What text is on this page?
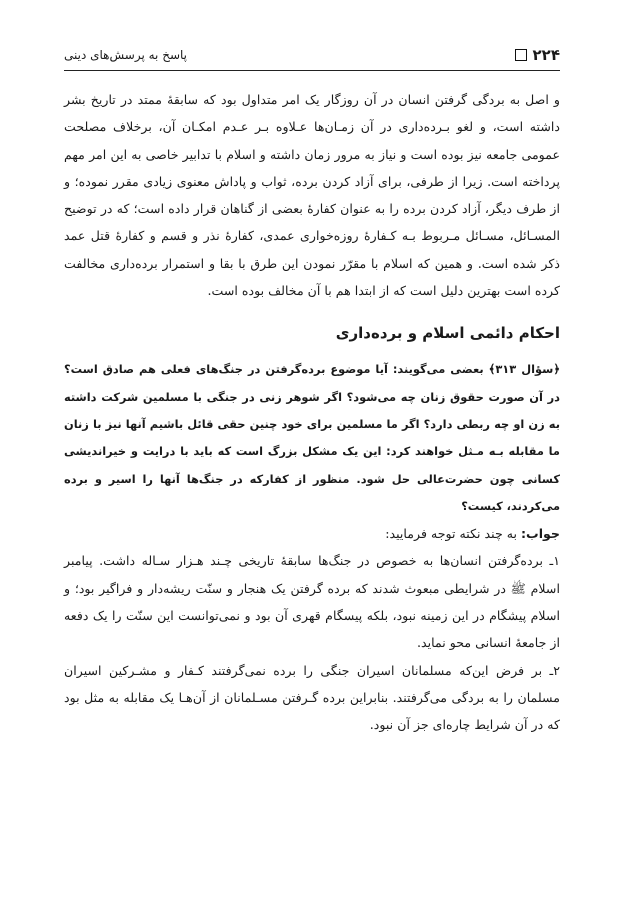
۲۲۴
پاسخ به پرسش‌های دینی

و اصل به بردگی گرفتن انسان در آن روزگار یک امر متداول بود که سابقهٔ ممتد در تاریخ بشر داشته است، و لغو بـرده‌داری در آن زمـان‌ها عـلاوه بـر عـدم امکـان آن، برخلاف مصلحت عمومی جامعه نیز بوده است و نیاز به مرور زمان داشته و اسلام با تدابیر خاصی به این امر مهم پرداخته است. زیرا از طرفی، برای آزاد کردن برده، ثواب و پاداش معنوی زیادی مقرر نموده؛ و از طرف دیگر، آزاد کردن برده را به عنوان کفارهٔ بعضی از گناهان قرار داده است؛ که در توضیح المسـائل، مسـائل مـربوط بـه کـفارهٔ روزه‌خواری عمدی، کفارهٔ نذر و قسم و کفارهٔ قتل عمد ذکر شده است. و همین که اسلام با مقرّر نمودن این طرق با بقا و استمرار برده‌داری مخالفت کرده است بهترین دلیل است که از ابتدا هم با آن مخالف بوده است.

احکام دائمی اسلام و برده‌داری

﴿سؤال ۳۱۳﴾ بعضی می‌گویند: آیا موضوع برده‌گرفتن در جنگ‌های فعلی هم صادق است؟ در آن صورت حقوق زنان چه می‌شود؟ اگر شوهر زنی در جنگی با مسلمین شرکت داشته به زن او چه ربطی دارد؟ اگر ما مسلمین برای خود چنین حقی قائل باشیم آنها نیز با زنان ما مقابله بـه مـثل خواهند کرد: این یک مشکل بزرگ است که باید با درایت و خیراندیشی کسانی چون حضرت‌عالی حل شود. منظور از کفارکه در جنگ‌ها آنها را اسیر و برده می‌کردند، کیست؟

جواب: به چند نکته توجه فرمایید:

۱ـ برده‌گرفتن انسان‌ها به خصوص در جنگ‌ها سابقهٔ تاریخی چـند هـزار سـاله داشت. پیامبر اسلام ﷺ در شرایطی مبعوث شدند که برده گرفتن یک هنجار و سنّت ریشه‌دار و فراگیر بود؛ و اسلام پیشگام در این زمینه نبود، بلکه پیسگام قهری آن بود و نمی‌توانست این سنّت را یک دفعه از جامعهٔ انسانی محو نماید.

۲ـ بر فرض این‌که مسلمانان اسیران جنگی را برده نمی‌گرفتند کـفار و مشـرکین اسیران مسلمان را به بردگی می‌گرفتند. بنابراین برده گـرفتن مسـلمانان از آن‌هـا یک مقابله به مثل بود که در آن شرایط چاره‌ای جز آن نبود.
